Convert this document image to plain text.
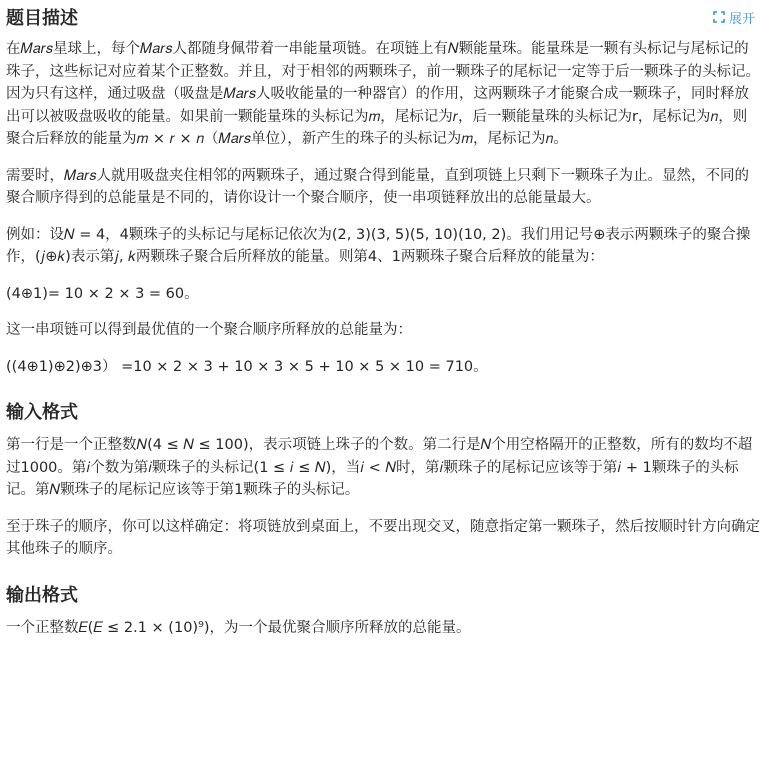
题目描述	展开

在𝑀𝑎𝑟𝑠星球上，每个𝑀𝑎𝑟𝑠人都随身佩带着一串能量项链。在项链上有𝑁颗能量珠。能量珠是一颗有头标记与尾标记的珠子，这些标记对应着某个正整数。并且，对于相邻的两颗珠子，前一颗珠子的尾标记一定等于后一颗珠子的头标记。因为只有这样，通过吸盘（吸盘是𝑀𝑎𝑟𝑠人吸收能量的一种器官）的作用，这两颗珠子才能聚合成一颗珠子，同时释放出可以被吸盘吸收的能量。如果前一颗能量珠的头标记为𝑚，尾标记为𝑟，后一颗能量珠的头标记为r，尾标记为𝑛，则聚合后释放的能量为𝑚 × 𝑟 × 𝑛（𝑀𝑎𝑟𝑠单位），新产生的珠子的头标记为𝑚，尾标记为𝑛。

需要时，𝑀𝑎𝑟𝑠人就用吸盘夹住相邻的两颗珠子，通过聚合得到能量，直到项链上只剩下一颗珠子为止。显然，不同的聚合顺序得到的总能量是不同的，请你设计一个聚合顺序，使一串项链释放出的总能量最大。

例如：设𝑁 = 4，4颗珠子的头标记与尾标记依次为(2, 3)(3, 5)(5, 10)(10, 2)。我们用记号⊕表示两颗珠子的聚合操作，(𝑗⊕𝑘)表示第𝑗, 𝑘两颗珠子聚合后所释放的能量。则第4、1两颗珠子聚合后释放的能量为：

(4⊕1)= 10 × 2 × 3 = 60。

这一串项链可以得到最优值的一个聚合顺序所释放的总能量为：

((4⊕1)⊕2)⊕3） =10 × 2 × 3 + 10 × 3 × 5 + 10 × 5 × 10 = 710。

输入格式

第一行是一个正整数𝑁(4 ≤ 𝑁 ≤ 100)，表示项链上珠子的个数。第二行是𝑁个用空格隔开的正整数，所有的数均不超过1000。第𝑖个数为第𝑖颗珠子的头标记(1 ≤ 𝑖 ≤ 𝑁)，当𝑖 < 𝑁时，第𝑖颗珠子的尾标记应该等于第𝑖 + 1颗珠子的头标记。第𝑁颗珠子的尾标记应该等于第1颗珠子的头标记。

至于珠子的顺序，你可以这样确定：将项链放到桌面上，不要出现交叉，随意指定第一颗珠子，然后按顺时针方向确定其他珠子的顺序。

输出格式

一个正整数𝐸(𝐸 ≤ 2.1 × (10)⁹)，为一个最优聚合顺序所释放的总能量。
